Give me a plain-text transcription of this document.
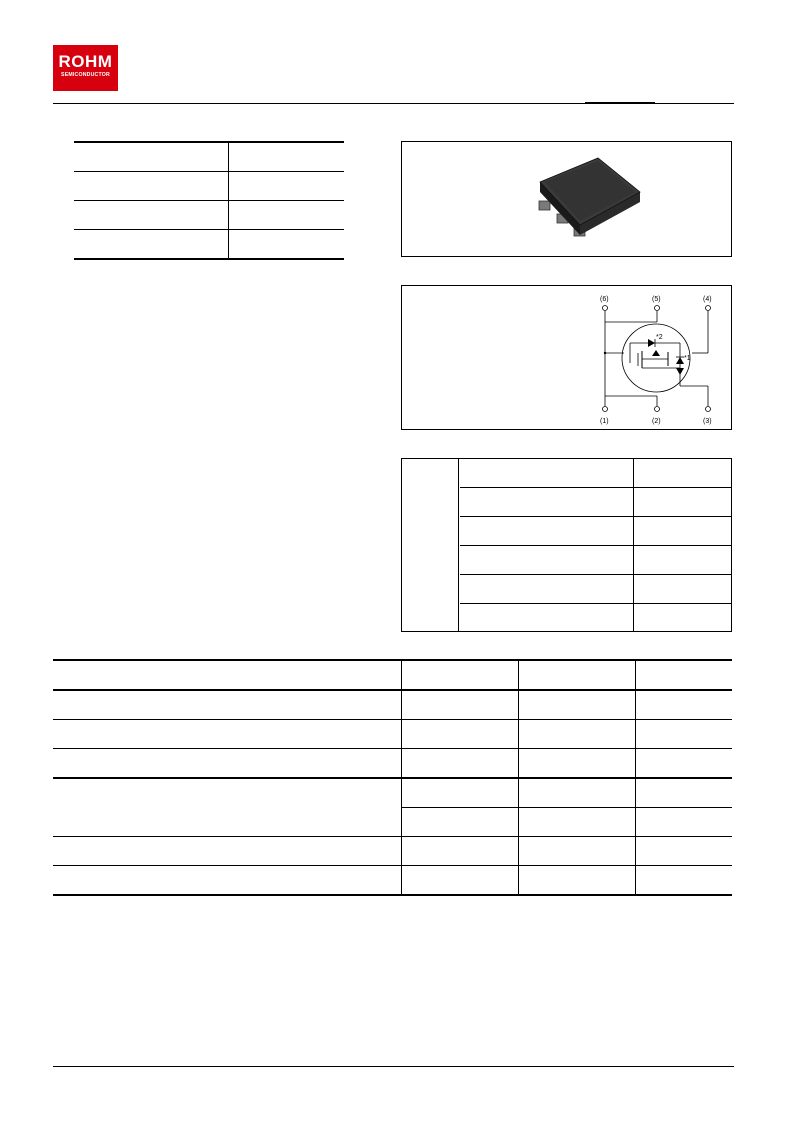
ROHM
SEMICONDUCTOR

(6)	(5)	(4)
(1)	(2)	(3)
*2
*1
